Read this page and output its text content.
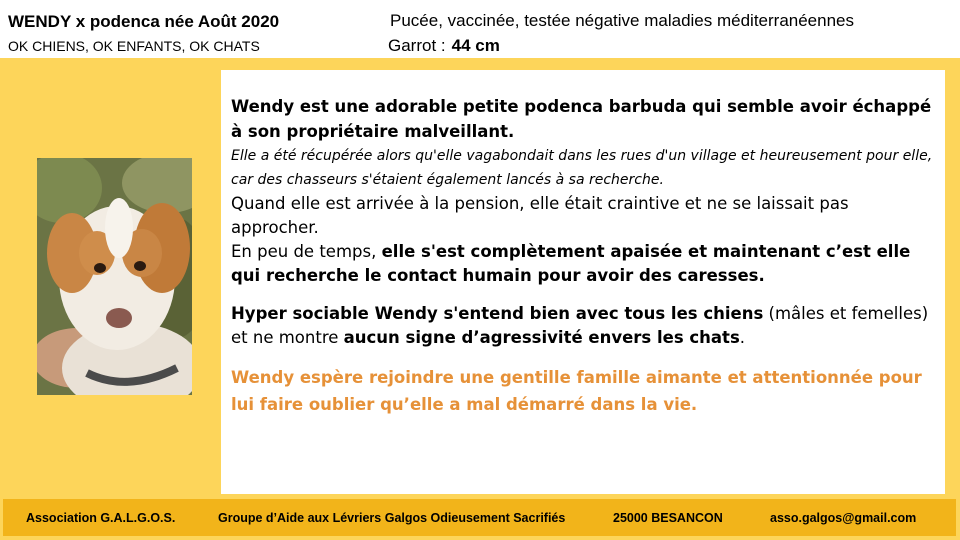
WENDY x podenca née Août 2020
OK CHIENS, OK ENFANTS, OK CHATS
Pucée, vaccinée, testée négative maladies méditerranéennes
Garrot : 44 cm

Wendy est une adorable petite podenca barbuda qui semble avoir échappé à son propriétaire malveillant.

Elle a été récupérée alors qu'elle vagabondait dans les rues d'un village et heureusement pour elle, car des chasseurs s'étaient également lancés à sa recherche.

Quand elle est arrivée à la pension, elle était craintive et ne se laissait pas approcher.

En peu de temps, elle s'est complètement apaisée et maintenant c’est elle qui recherche le contact humain pour avoir des caresses.

Hyper sociable Wendy s'entend bien avec tous les chiens (mâles et femelles) et ne montre aucun signe d’agressivité envers les chats.

Wendy espère rejoindre une gentille famille aimante et attentionnée pour lui faire oublier qu’elle a mal démarré dans la vie.

Association G.A.L.G.O.S.	Groupe d’Aide aux Lévriers Galgos Odieusement Sacrifiés	25000 BESANCON	asso.galgos@gmail.com
